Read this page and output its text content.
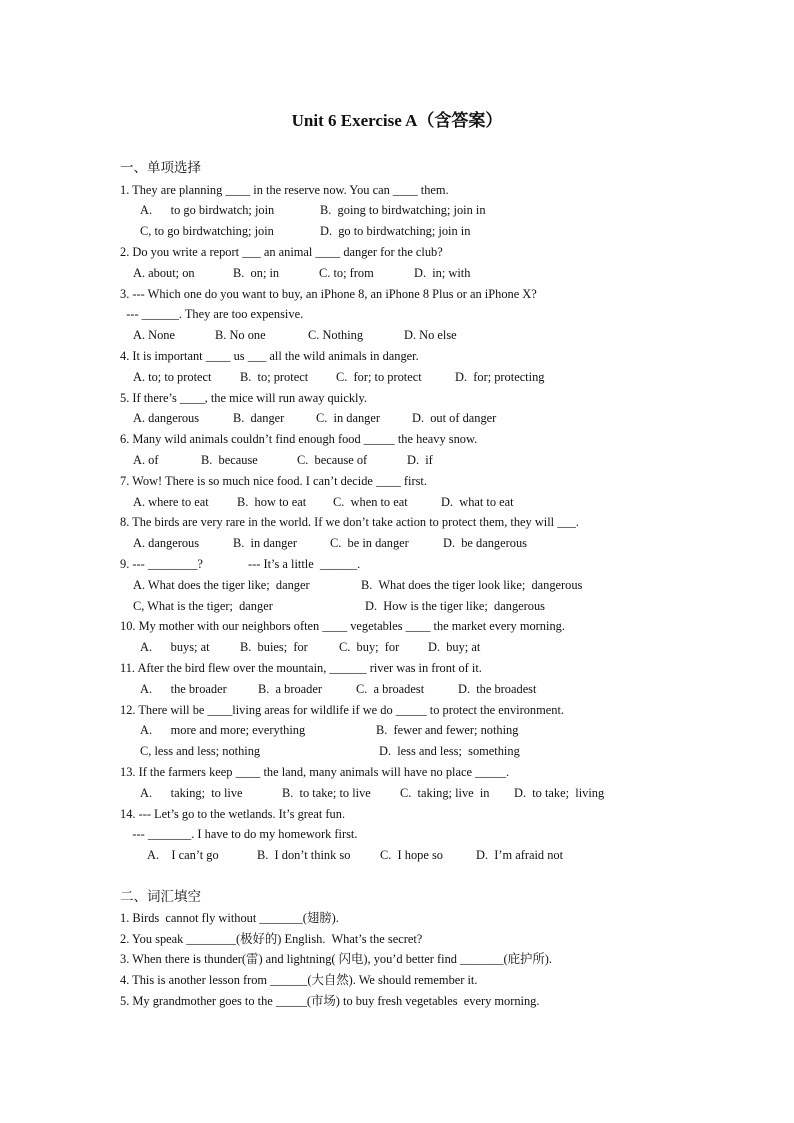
Unit 6 Exercise A（含答案）
一、单项选择
1. They are planning ____ in the reserve now. You can ____ them.

A.      to go birdwatch; join

	B.  going to birdwatching; join in

C, to go birdwatching; join

	D.  go to birdwatching; join in

2. Do you write a report ___ an animal ____ danger for the club?

A. about; on

	B.  on; in

	C. to; from

	D.  in; with

3. --- Which one do you want to buy, an iPhone 8, an iPhone 8 Plus or an iPhone X?
--- ______. They are too expensive.

A. None

	B. No one

	C. Nothing

	D. No else

4. It is important ____ us ___ all the wild animals in danger.

A. to; to protect

B.  to; protect

C.  for; to protect

	D.  for; protecting

5. If there’s ____, the mice will run away quickly.

A. dangerous

	B.  danger

	C.  in danger

	D.  out of danger

6. Many wild animals couldn’t find enough food _____ the heavy snow.

A. of

	B.  because

	C.  because of

	D.  if

7. Wow! There is so much nice food. I can’t decide ____ first.

A. where to eat

B.  how to eat

C.  when to eat

	D.  what to eat

8. The birds are very rare in the world. If we don’t take action to protect them, they will ___.

A. dangerous

	B.  in danger

	C.  be in danger

	D.  be dangerous

9. --- ________?

	--- It’s a little  ______.

A. What does the tiger like;  danger

	B.  What does the tiger look like;  dangerous

C, What is the tiger;  danger

	D.  How is the tiger like;  dangerous

10. My mother with our neighbors often ____ vegetables ____ the market every morning.

A.      buys; at

B.  buies;  for

	C.  buy;  for

D.  buy; at

11. After the bird flew over the mountain, ______ river was in front of it.

A.      the broader

	B.  a broader

	C.  a broadest

	D.  the broadest

12. There will be ____living areas for wildlife if we do _____ to protect the environment.

A.      more and more; everything

	B.  fewer and fewer; nothing

C, less and less; nothing

	D.  less and less;  something

13. If the farmers keep ____ the land, many animals will have no place _____.

A.      taking;  to live

	B.  to take; to live

C.  taking; live  in

D.  to take;  living

14. --- Let’s go to the wetlands. It’s great fun.
--- _______. I have to do my homework first.

A.    I can’t go

	B.  I don’t think so

C.  I hope so

	D.  I’m afraid not

二、词汇填空
1. Birds  cannot fly without _______(翅膀).
2. You speak ________(极好的) English.  What’s the secret?
3. When there is thunder(雷) and lightning( 闪电), you’d better find _______(庇护所).
4. This is another lesson from ______(大自然). We should remember it.
5. My grandmother goes to the _____(市场) to buy fresh vegetables  every morning.
